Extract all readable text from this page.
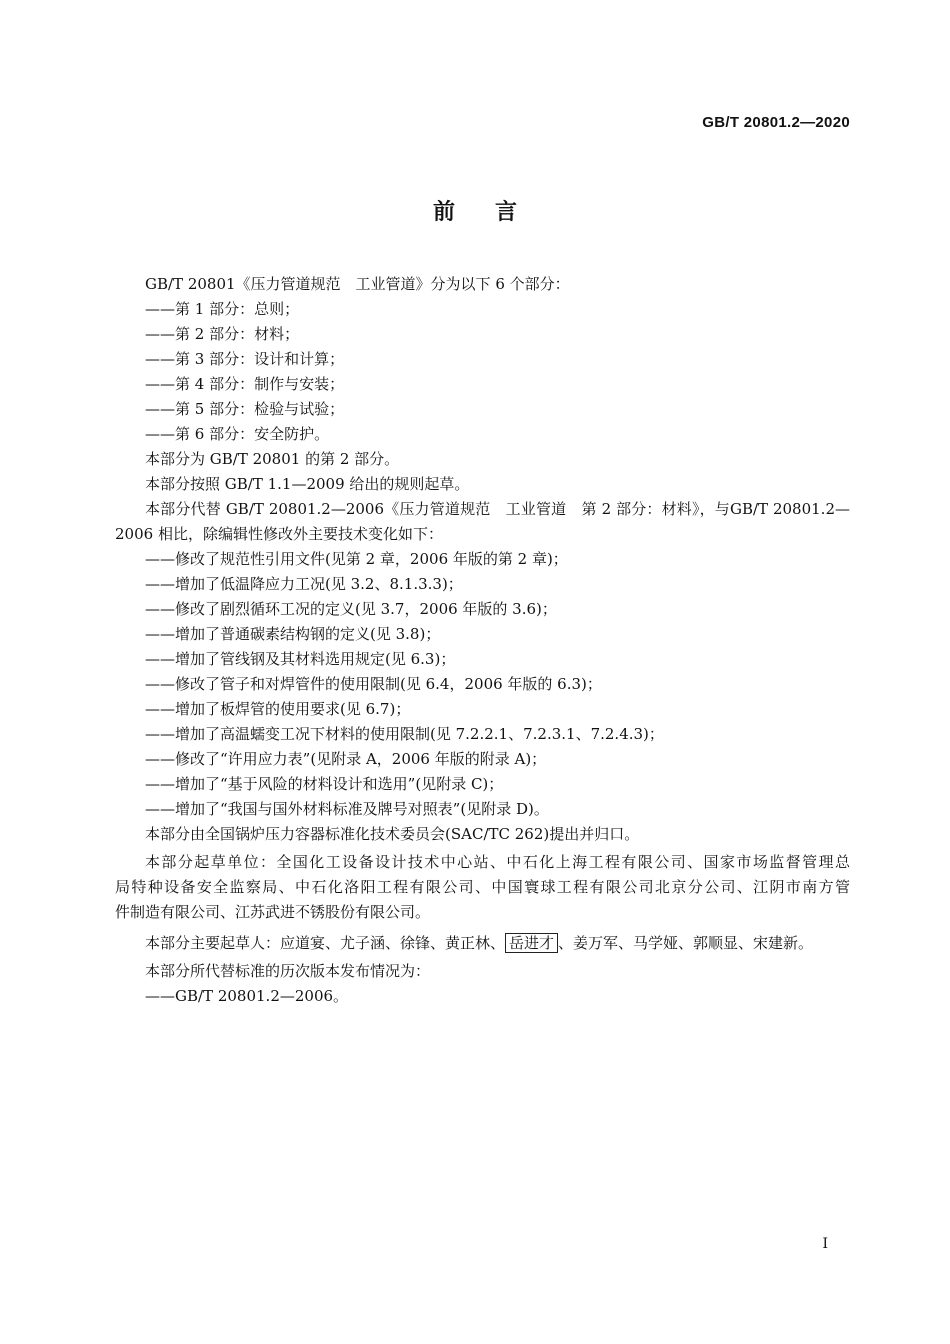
GB/T 20801.2—2020
前言
GB/T 20801《压力管道规范　工业管道》分为以下 6 个部分：
——第 1 部分：总则；
——第 2 部分：材料；
——第 3 部分：设计和计算；
——第 4 部分：制作与安装；
——第 5 部分：检验与试验；
——第 6 部分：安全防护。
本部分为 GB/T 20801 的第 2 部分。
本部分按照 GB/T 1.1—2009 给出的规则起草。
本部分代替 GB/T 20801.2—2006《压力管道规范　工业管道　第 2 部分：材料》，与GB/T 20801.2—
2006 相比，除编辑性修改外主要技术变化如下：
——修改了规范性引用文件(见第 2 章，2006 年版的第 2 章)；
——增加了低温降应力工况(见 3.2、8.1.3.3)；
——修改了剧烈循环工况的定义(见 3.7，2006 年版的 3.6)；
——增加了普通碳素结构钢的定义(见 3.8)；
——增加了管线钢及其材料选用规定(见 6.3)；
——修改了管子和对焊管件的使用限制(见 6.4，2006 年版的 6.3)；
——增加了板焊管的使用要求(见 6.7)；
——增加了高温蠕变工况下材料的使用限制(见 7.2.2.1、7.2.3.1、7.2.4.3)；
——修改了“许用应力表”(见附录 A，2006 年版的附录 A)；
——增加了“基于风险的材料设计和选用”(见附录 C)；
——增加了“我国与国外材料标准及牌号对照表”(见附录 D)。
本部分由全国锅炉压力容器标准化技术委员会(SAC/TC 262)提出并归口。
本部分起草单位：全国化工设备设计技术中心站、中石化上海工程有限公司、国家市场监督管理总
局特种设备安全监察局、中石化洛阳工程有限公司、中国寰球工程有限公司北京分公司、江阴市南方管
件制造有限公司、江苏武进不锈股份有限公司。
本部分主要起草人：应道宴、尤子涵、徐锋、黄正林、 岳进才 、姜万军、马学娅、郭顺显、宋建新。
本部分所代替标准的历次版本发布情况为：
——GB/T 20801.2—2006。
I
